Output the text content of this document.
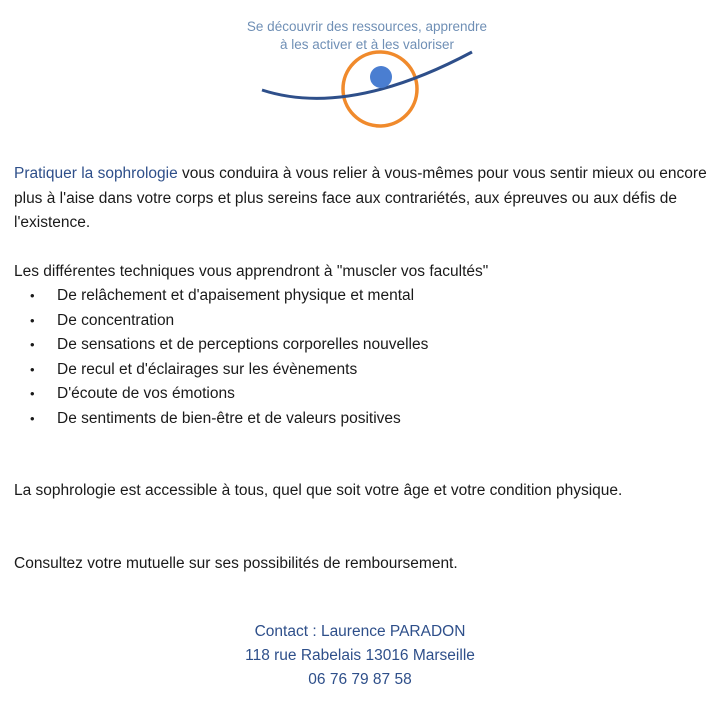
Se découvrir des ressources, apprendre
à les activer et à les valoriser

Pratiquer la sophrologie vous conduira à vous relier à vous-mêmes pour vous sentir mieux ou encore plus à l'aise dans votre corps et plus sereins face aux contrariétés, aux épreuves ou aux défis de l'existence.

Les différentes techniques vous apprendront à "muscler vos facultés"

• De relâchement et d'apaisement physique et mental
• De concentration
• De sensations et de perceptions corporelles nouvelles
• De recul et d'éclairages sur les évènements
• D'écoute de vos émotions
• De sentiments de bien-être et de valeurs positives

La sophrologie est accessible à tous, quel que soit votre âge et votre condition physique.

Consultez votre mutuelle sur ses possibilités de remboursement.

Contact : Laurence PARADON

118 rue Rabelais 13016 Marseille

06 76 79 87 58
